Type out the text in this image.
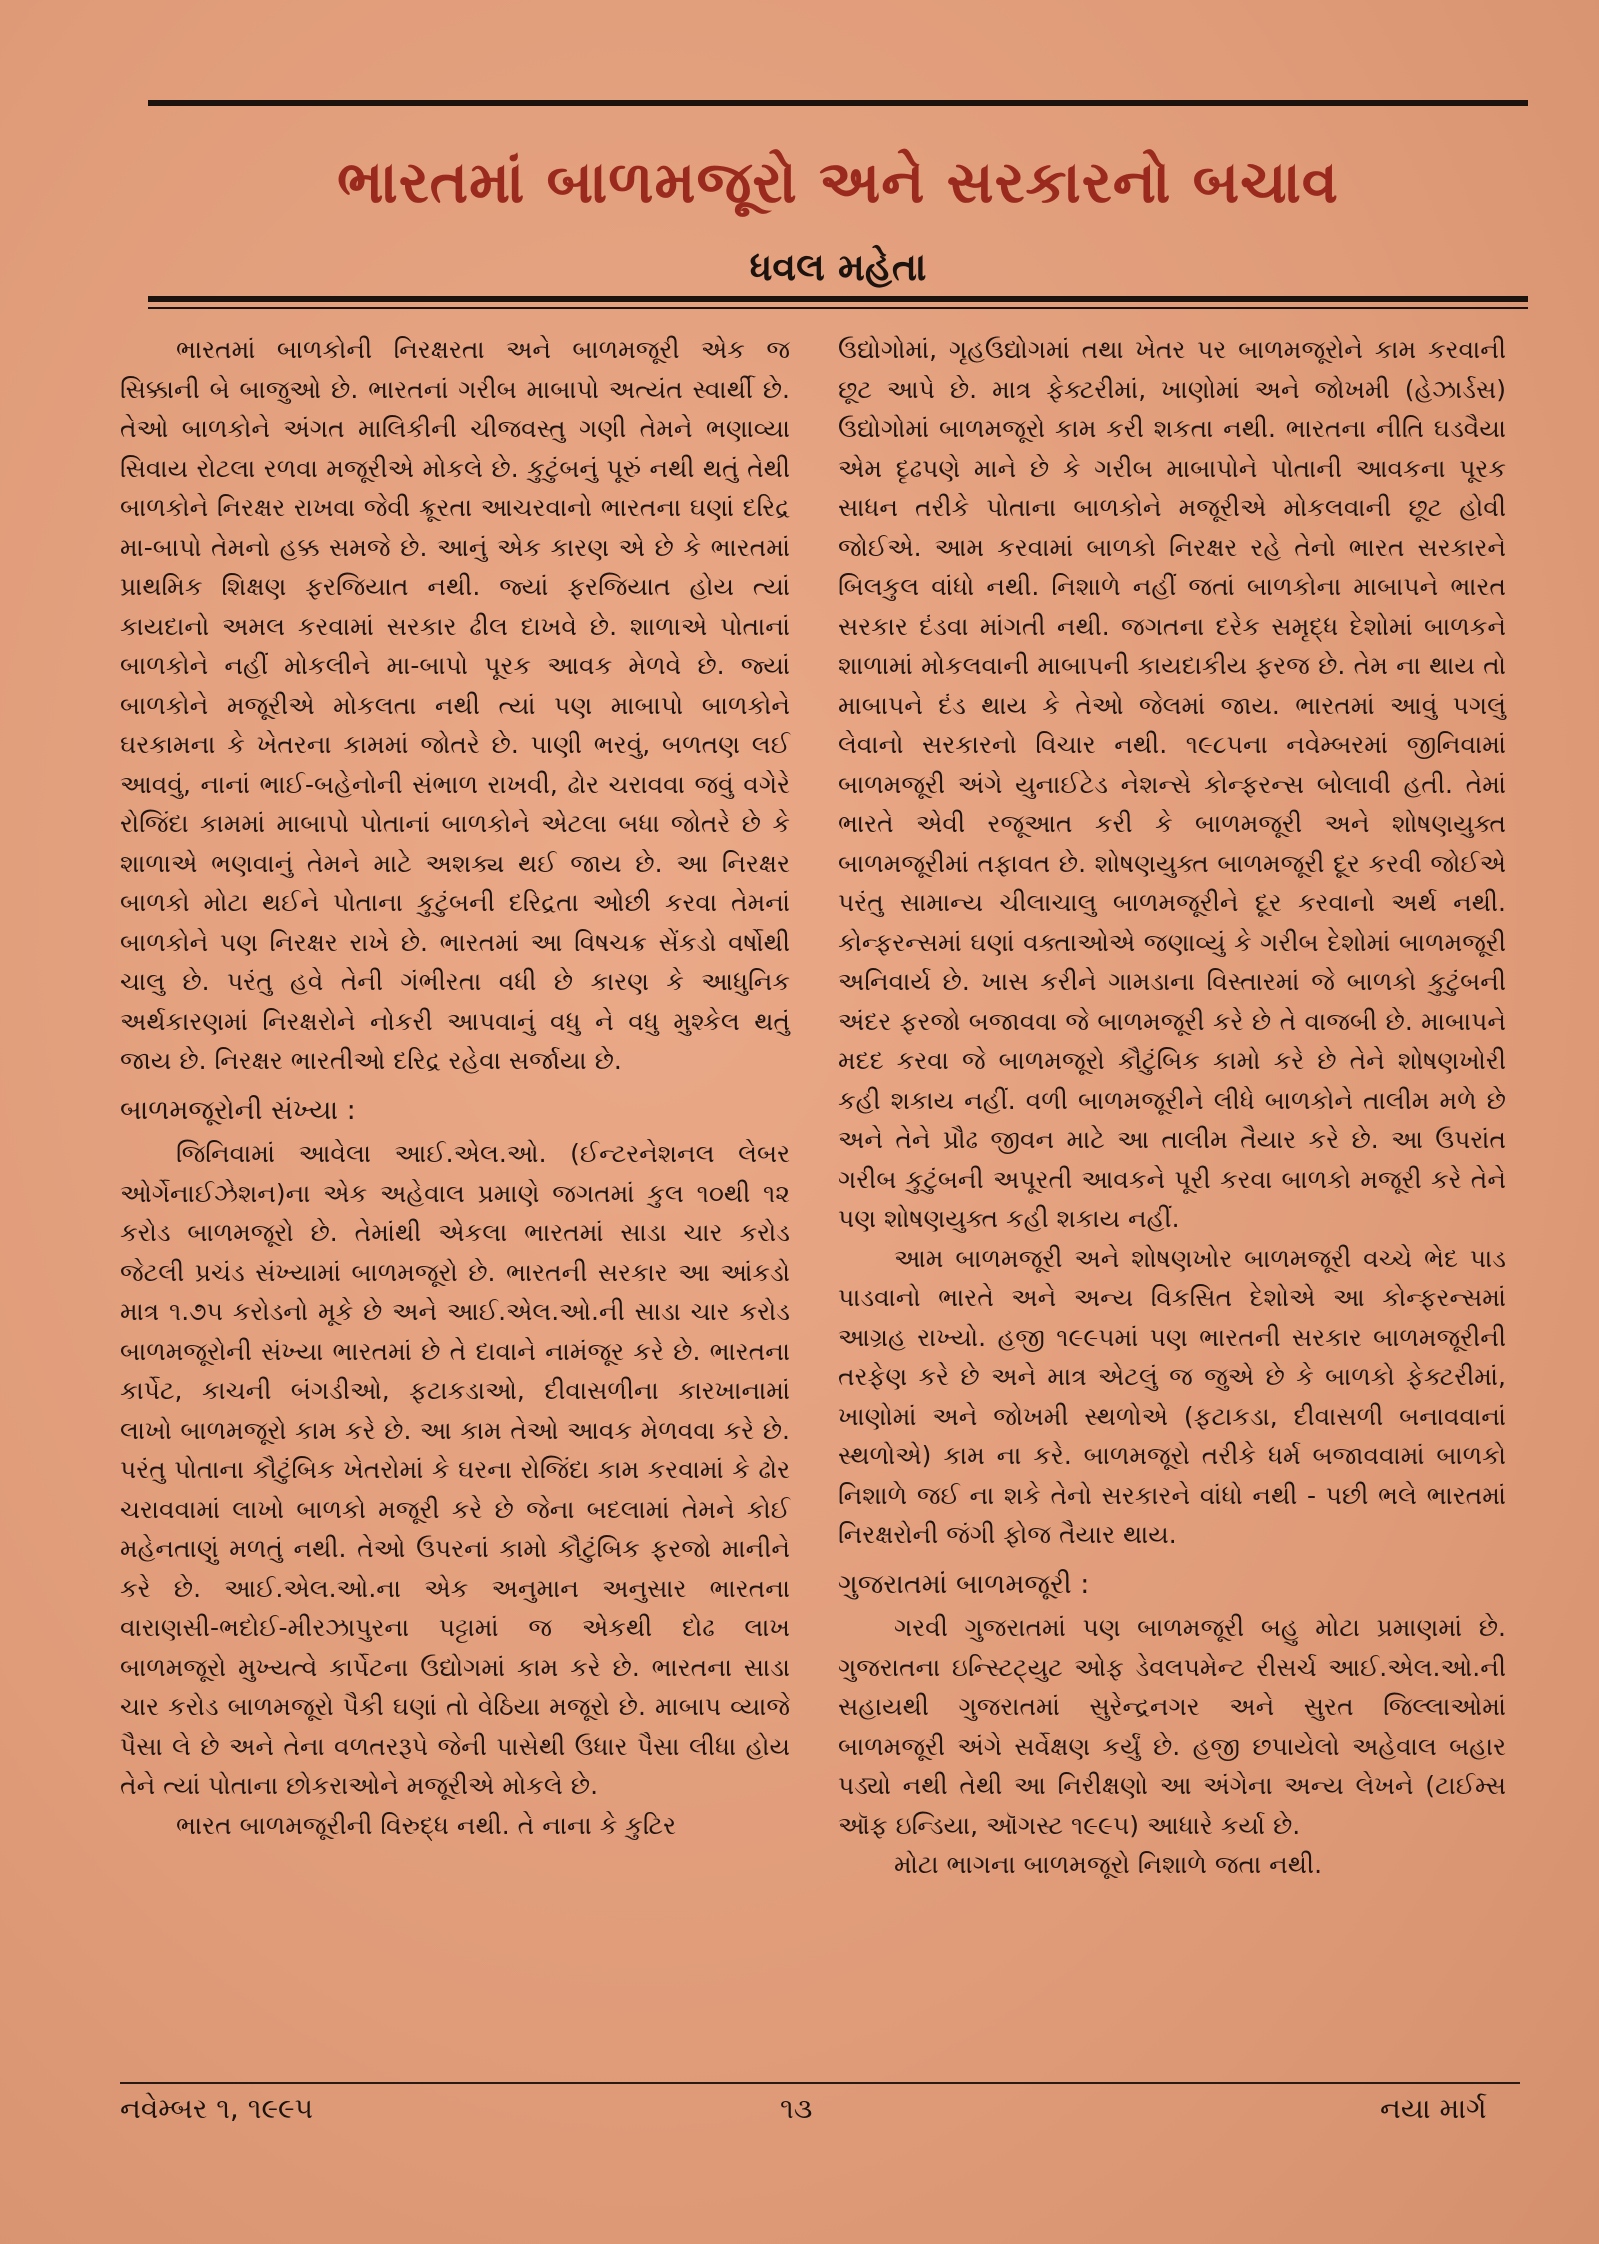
ભારતમાં બાળમજૂરો અને સરકારનો બચાવ
ધવલ મહેતા

ભારતમાં બાળકોની નિરક્ષરતા અને બાળમજૂરી એક જ સિક્કાની બે બાજુઓ છે. ભારતનાં ગરીબ માબાપો અત્યંત સ્વાર્થી છે. તેઓ બાળકોને અંગત માલિકીની ચીજવસ્તુ ગણી તેમને ભણાવ્યા સિવાય રોટલા રળવા મજૂરીએ મોકલે છે. કુટુંબનું પૂરું નથી થતું તેથી બાળકોને નિરક્ષર રાખવા જેવી ક્રૂરતા આચરવાનો ભારતના ઘણાં દરિદ્ર મા-બાપો તેમનો હક્ક સમજે છે. આનું એક કારણ એ છે કે ભારતમાં પ્રાથમિક શિક્ષણ ફરજિયાત નથી. જ્યાં ફરજિયાત હોય ત્યાં કાયદાનો અમલ કરવામાં સરકાર ઢીલ દાખવે છે. શાળાએ પોતાનાં બાળકોને નહીં મોકલીને મા-બાપો પૂરક આવક મેળવે છે. જ્યાં બાળકોને મજૂરીએ મોકલતા નથી ત્યાં પણ માબાપો બાળકોને ઘરકામના કે ખેતરના કામમાં જોતરે છે. પાણી ભરવું, બળતણ લઈ આવવું, નાનાં ભાઈ-બહેનોની સંભાળ રાખવી, ઢોર ચરાવવા જવું વગેરે રોજિંદા કામમાં માબાપો પોતાનાં બાળકોને એટલા બધા જોતરે છે કે શાળાએ ભણવાનું તેમને માટે અશક્ય થઈ જાય છે. આ નિરક્ષર બાળકો મોટા થઈને પોતાના કુટુંબની દરિદ્રતા ઓછી કરવા તેમનાં બાળકોને પણ નિરક્ષર રાખે છે. ભારતમાં આ વિષચક્ર સેંકડો વર્ષોથી ચાલુ છે. પરંતુ હવે તેની ગંભીરતા વધી છે કારણ કે આધુનિક અર્થકારણમાં નિરક્ષરોને નોકરી આપવાનું વધુ ને વધુ મુશ્કેલ થતું જાય છે. નિરક્ષર ભારતીઓ દરિદ્ર રહેવા સર્જાયા છે.

બાળમજૂરોની સંખ્યા :

જિનિવામાં આવેલા આઈ.એલ.ઓ. (ઈન્ટરનેશનલ લેબર ઓર્ગેનાઈઝેશન)ના એક અહેવાલ પ્રમાણે જગતમાં કુલ ૧૦થી ૧૨ કરોડ બાળમજૂરો છે. તેમાંથી એકલા ભારતમાં સાડા ચાર કરોડ જેટલી પ્રચંડ સંખ્યામાં બાળમજૂરો છે. ભારતની સરકાર આ આંકડો માત્ર ૧.૭૫ કરોડનો મૂકે છે અને આઈ.એલ.ઓ.ની સાડા ચાર કરોડ બાળમજૂરોની સંખ્યા ભારતમાં છે તે દાવાને નામંજૂર કરે છે. ભારતના કાર્પેટ, કાચની બંગડીઓ, ફટાકડાઓ, દીવાસળીના કારખાનામાં લાખો બાળમજૂરો કામ કરે છે. આ કામ તેઓ આવક મેળવવા કરે છે. પરંતુ પોતાના કૌટુંબિક ખેતરોમાં કે ઘરના રોજિંદા કામ કરવામાં કે ઢોર ચરાવવામાં લાખો બાળકો મજૂરી કરે છે જેના બદલામાં તેમને કોઈ મહેનતાણું મળતું નથી. તેઓ ઉપરનાં કામો કૌટુંબિક ફરજો માનીને કરે છે. આઈ.એલ.ઓ.ના એક અનુમાન અનુસાર ભારતના વારાણસી-ભદોઈ-મીરઝાપુરના પટ્ટામાં જ એકથી દોઢ લાખ બાળમજૂરો મુખ્યત્વે કાર્પેટના ઉદ્યોગમાં કામ કરે છે. ભારતના સાડા ચાર કરોડ બાળમજૂરો પૈકી ઘણાં તો વેઠિયા મજૂરો છે. માબાપ વ્યાજે પૈસા લે છે અને તેના વળતરરૂપે જેની પાસેથી ઉધાર પૈસા લીધા હોય તેને ત્યાં પોતાના છોકરાઓને મજૂરીએ મોકલે છે.

ભારત બાળમજૂરીની વિરુદ્ધ નથી. તે નાના કે કુટિર

ઉદ્યોગોમાં, ગૃહઉદ્યોગમાં તથા ખેતર પર બાળમજૂરોને કામ કરવાની છૂટ આપે છે. માત્ર ફેક્ટરીમાં, ખાણોમાં અને જોખમી (હેઝાર્ડસ) ઉદ્યોગોમાં બાળમજૂરો કામ કરી શકતા નથી. ભારતના નીતિ ઘડવૈયા એમ દૃઢપણે માને છે કે ગરીબ માબાપોને પોતાની આવકના પૂરક સાધન તરીકે પોતાના બાળકોને મજૂરીએ મોકલવાની છૂટ હોવી જોઈએ. આમ કરવામાં બાળકો નિરક્ષર રહે તેનો ભારત સરકારને બિલકુલ વાંધો નથી. નિશાળે નહીં જતાં બાળકોના માબાપને ભારત સરકાર દંડવા માંગતી નથી. જગતના દરેક સમૃદ્ધ દેશોમાં બાળકને શાળામાં મોકલવાની માબાપની કાયદાકીય ફરજ છે. તેમ ના થાય તો માબાપને દંડ થાય કે તેઓ જેલમાં જાય. ભારતમાં આવું પગલું લેવાનો સરકારનો વિચાર નથી. ૧૯૮૫ના નવેમ્બરમાં જીનિવામાં બાળમજૂરી અંગે યુનાઈટેડ નેશન્સે કોન્ફરન્સ બોલાવી હતી. તેમાં ભારતે એવી રજૂઆત કરી કે બાળમજૂરી અને શોષણયુક્ત બાળમજૂરીમાં તફાવત છે. શોષણયુક્ત બાળમજૂરી દૂર કરવી જોઈએ પરંતુ સામાન્ય ચીલાચાલુ બાળમજૂરીને દૂર કરવાનો અર્થ નથી. કોન્ફરન્સમાં ઘણાં વક્તાઓએ જણાવ્યું કે ગરીબ દેશોમાં બાળમજૂરી અનિવાર્ય છે. ખાસ કરીને ગામડાના વિસ્તારમાં જે બાળકો કુટુંબની અંદર ફરજો બજાવવા જે બાળમજૂરી કરે છે તે વાજબી છે. માબાપને મદદ કરવા જે બાળમજૂરો કૌટુંબિક કામો કરે છે તેને શોષણખોરી કહી શકાય નહીં. વળી બાળમજૂરીને લીધે બાળકોને તાલીમ મળે છે અને તેને પ્રૌઢ જીવન માટે આ તાલીમ તૈયાર કરે છે. આ ઉપરાંત ગરીબ કુટુંબની અપૂરતી આવકને પૂરી કરવા બાળકો મજૂરી કરે તેને પણ શોષણયુક્ત કહી શકાય નહીં.

આમ બાળમજૂરી અને શોષણખોર બાળમજૂરી વચ્ચે ભેદ પાડ પાડવાનો ભારતે અને અન્ય વિકસિત દેશોએ આ કોન્ફરન્સમાં આગ્રહ રાખ્યો. હજી ૧૯૯૫માં પણ ભારતની સરકાર બાળમજૂરીની તરફેણ કરે છે અને માત્ર એટલું જ જુએ છે કે બાળકો ફેક્ટરીમાં, ખાણોમાં અને જોખમી સ્થળોએ (ફટાકડા, દીવાસળી બનાવવાનાં સ્થળોએ) કામ ના કરે. બાળમજૂરો તરીકે ધર્મ બજાવવામાં બાળકો નિશાળે જઈ ના શકે તેનો સરકારને વાંધો નથી - પછી ભલે ભારતમાં નિરક્ષરોની જંગી ફોજ તૈયાર થાય.

ગુજરાતમાં બાળમજૂરી :

ગરવી ગુજરાતમાં પણ બાળમજૂરી બહુ મોટા પ્રમાણમાં છે. ગુજરાતના ઇન્સ્ટિટ્યુટ ઓફ ડેવલપમેન્ટ રીસર્ચ આઈ.એલ.ઓ.ની સહાયથી ગુજરાતમાં સુરેન્દ્રનગર અને સુરત જિલ્લાઓમાં બાળમજૂરી અંગે સર્વેક્ષણ કર્યું છે. હજી છપાયેલો અહેવાલ બહાર પડ્યો નથી તેથી આ નિરીક્ષણો આ અંગેના અન્ય લેખને (ટાઈમ્સ ઑફ ઇન્ડિયા, ઑગસ્ટ ૧૯૯૫) આધારે કર્યા છે.

મોટા ભાગના બાળમજૂરો નિશાળે જતા નથી.

નવેમ્બર ૧, ૧૯૯૫	૧૩	નયા માર્ગ
